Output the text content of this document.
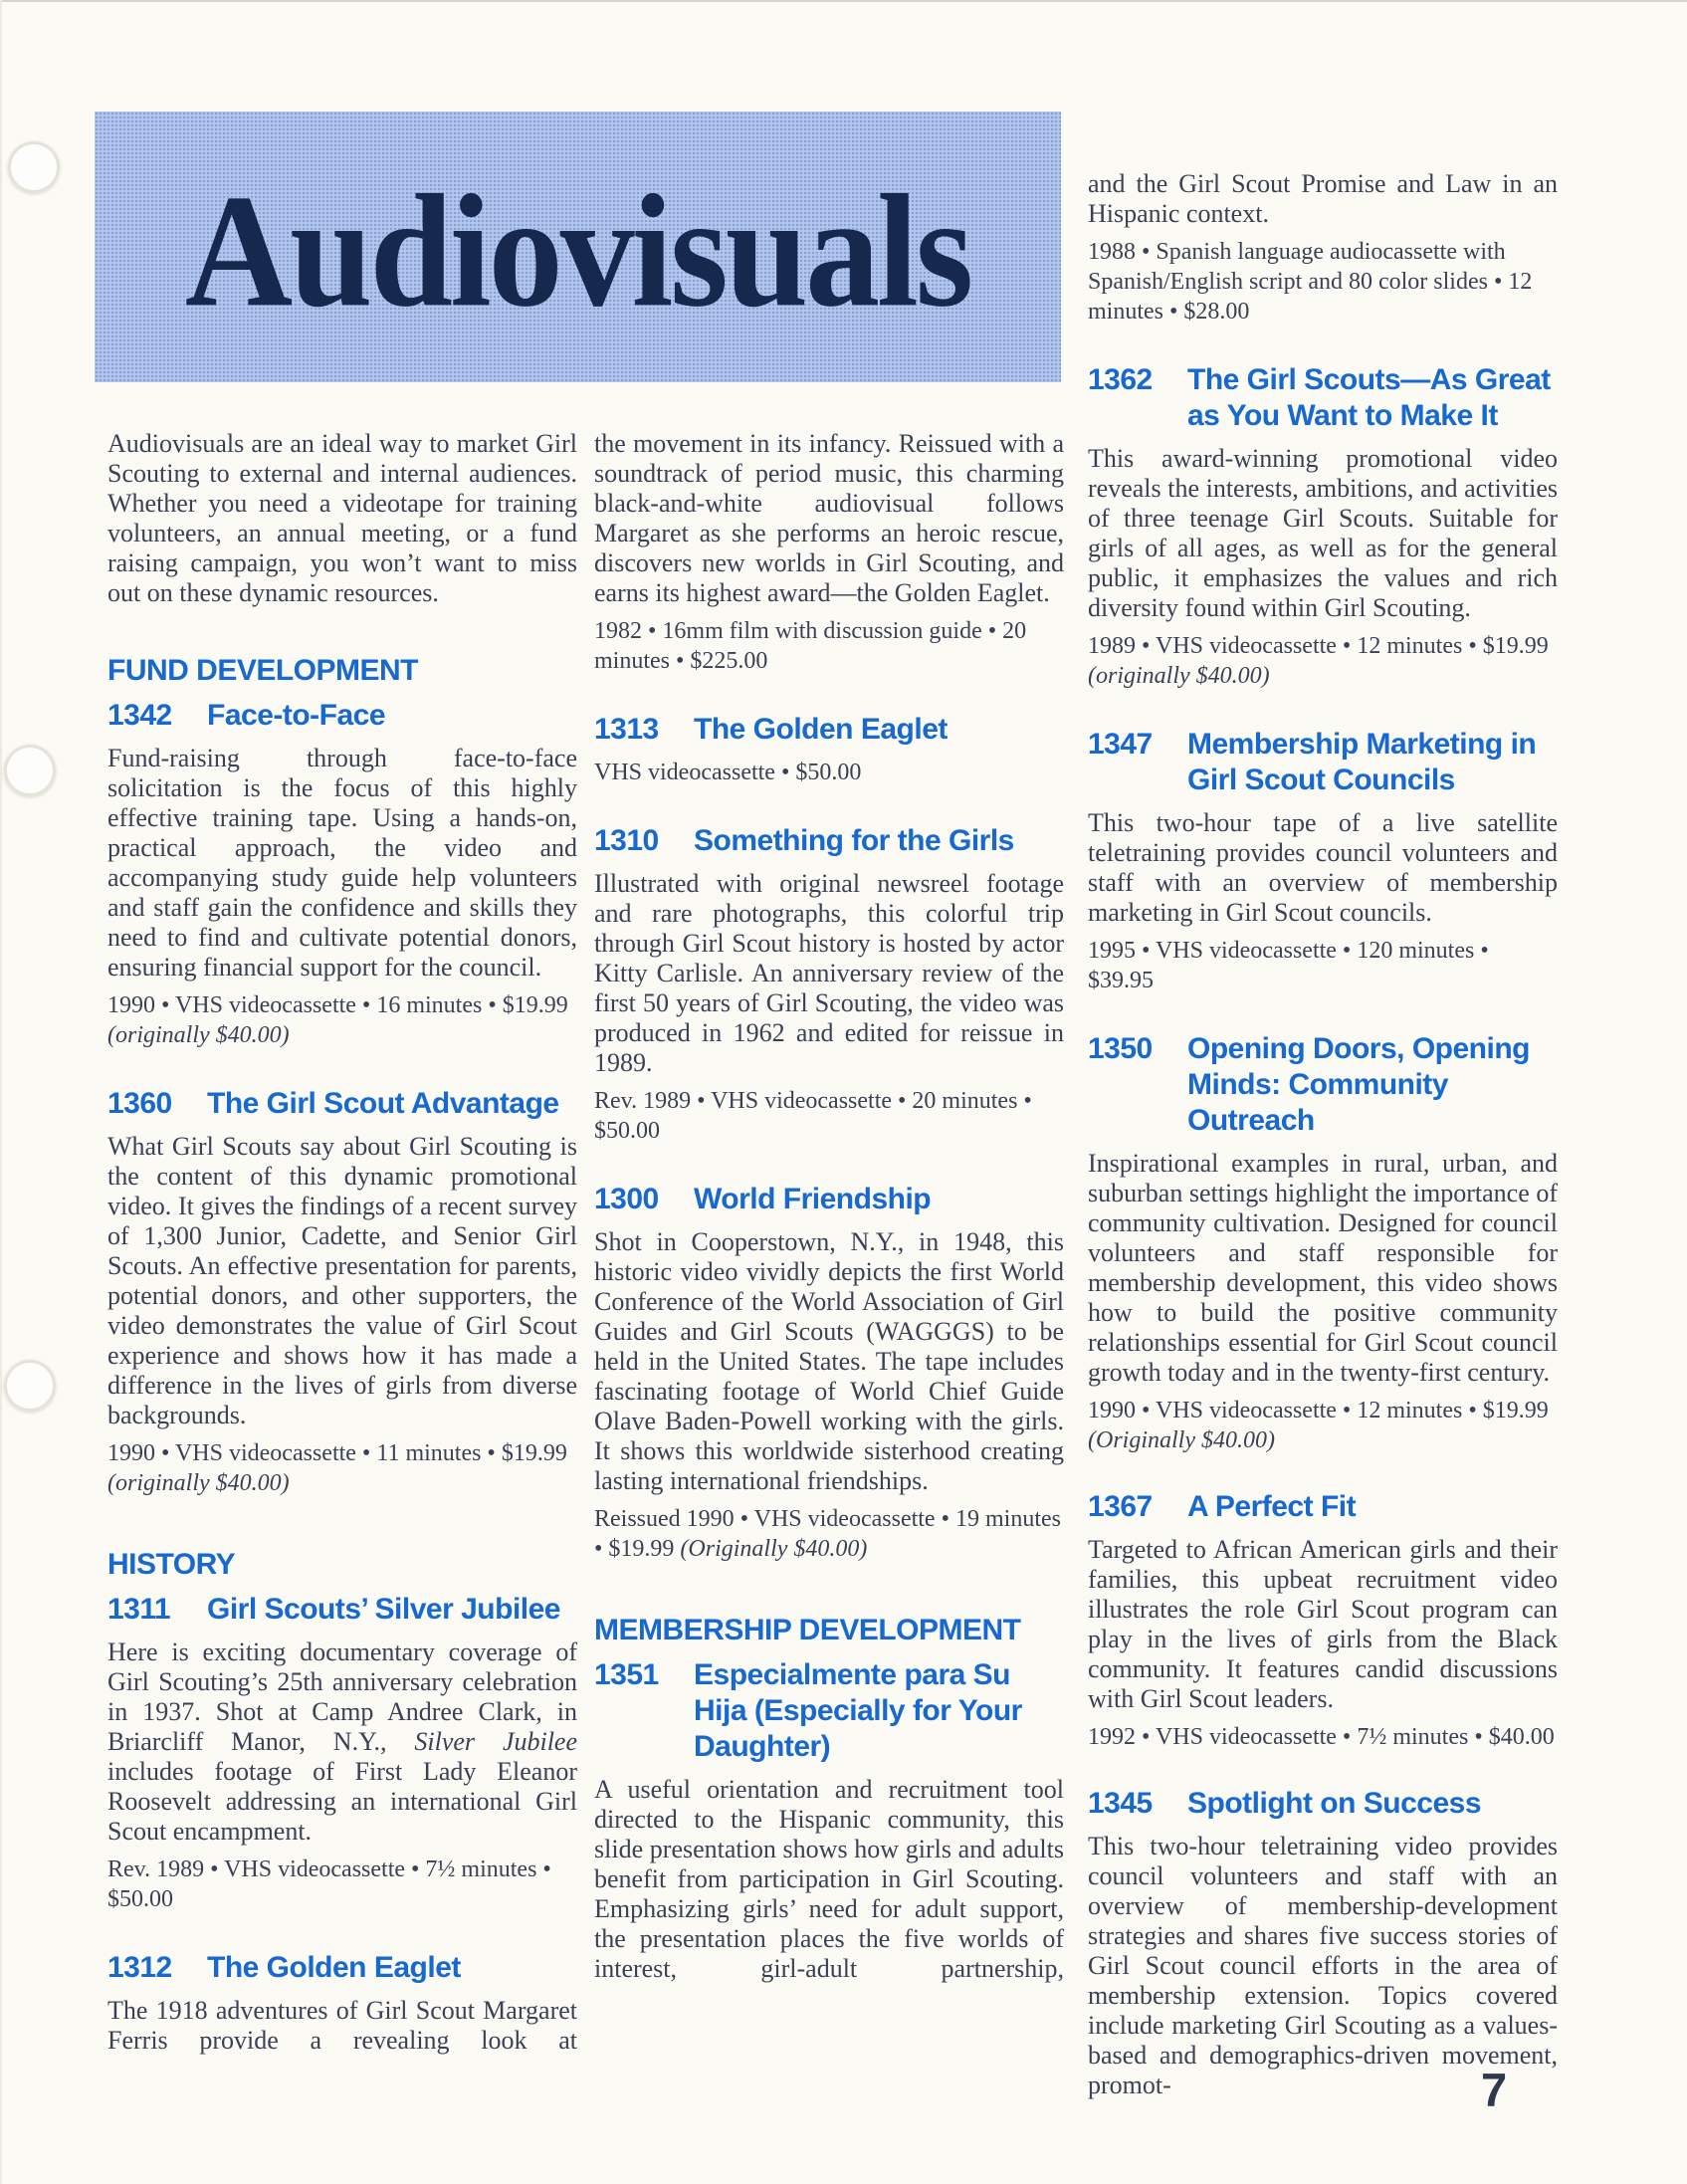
Audiovisuals

Audiovisuals are an ideal way to market Girl Scouting to external and internal audiences. Whether you need a videotape for training volunteers, an annual meeting, or a fund raising campaign, you won’t want to miss out on these dynamic resources.

FUND DEVELOPMENT
1342	Face-to-Face

Fund-raising through face-to-face solicitation is the focus of this highly effective training tape. Using a hands-on, practical approach, the video and accompanying study guide help volunteers and staff gain the confidence and skills they need to find and cultivate potential donors, ensuring financial support for the council.

1990 • VHS videocassette • 16 minutes • $19.99 (originally $40.00)

1360	The Girl Scout Advantage

What Girl Scouts say about Girl Scouting is the content of this dynamic promotional video. It gives the findings of a recent survey of 1,300 Junior, Cadette, and Senior Girl Scouts. An effective presentation for parents, potential donors, and other supporters, the video demonstrates the value of Girl Scout experience and shows how it has made a difference in the lives of girls from diverse backgrounds.

1990 • VHS videocassette • 11 minutes • $19.99 (originally $40.00)

HISTORY
1311	Girl Scouts’ Silver Jubilee

Here is exciting documentary coverage of Girl Scouting’s 25th anniversary celebration in 1937. Shot at Camp Andree Clark, in Briarcliff Manor, N.Y., Silver Jubilee includes footage of First Lady Eleanor Roosevelt addressing an international Girl Scout encampment.

Rev. 1989 • VHS videocassette • 7½ minutes • $50.00

1312	The Golden Eaglet

The 1918 adventures of Girl Scout Margaret Ferris provide a revealing look at

the movement in its infancy. Reissued with a soundtrack of period music, this charming black-and-white audiovisual follows Margaret as she performs an heroic rescue, discovers new worlds in Girl Scouting, and earns its highest award—the Golden Eaglet.

1982 • 16mm film with discussion guide • 20 minutes • $225.00

1313	The Golden Eaglet

VHS videocassette • $50.00

1310	Something for the Girls

Illustrated with original newsreel footage and rare photographs, this colorful trip through Girl Scout history is hosted by actor Kitty Carlisle. An anniversary review of the first 50 years of Girl Scouting, the video was produced in 1962 and edited for reissue in 1989.

Rev. 1989 • VHS videocassette • 20 minutes • $50.00

1300	World Friendship

Shot in Cooperstown, N.Y., in 1948, this historic video vividly depicts the first World Conference of the World Association of Girl Guides and Girl Scouts (WAGGGS) to be held in the United States. The tape includes fascinating footage of World Chief Guide Olave Baden-Powell working with the girls. It shows this worldwide sisterhood creating lasting international friendships.

Reissued 1990 • VHS videocassette • 19 minutes • $19.99 (Originally $40.00)

MEMBERSHIP DEVELOPMENT
1351	Especialmente para Su Hija (Especially for Your Daughter)

A useful orientation and recruitment tool directed to the Hispanic community, this slide presentation shows how girls and adults benefit from participation in Girl Scouting. Emphasizing girls’ need for adult support, the presentation places the five worlds of interest, girl-adult partnership,

and the Girl Scout Promise and Law in an Hispanic context.

1988 • Spanish language audiocassette with Spanish/English script and 80 color slides • 12 minutes • $28.00

1362	The Girl Scouts—As Great as You Want to Make It

This award-winning promotional video reveals the interests, ambitions, and activities of three teenage Girl Scouts. Suitable for girls of all ages, as well as for the general public, it emphasizes the values and rich diversity found within Girl Scouting.

1989 • VHS videocassette • 12 minutes • $19.99 (originally $40.00)

1347	Membership Marketing in Girl Scout Councils

This two-hour tape of a live satellite teletraining provides council volunteers and staff with an overview of membership marketing in Girl Scout councils.

1995 • VHS videocassette • 120 minutes • $39.95

1350	Opening Doors, Opening Minds: Community Outreach

Inspirational examples in rural, urban, and suburban settings highlight the importance of community cultivation. Designed for council volunteers and staff responsible for membership development, this video shows how to build the positive community relationships essential for Girl Scout council growth today and in the twenty-first century.

1990 • VHS videocassette • 12 minutes • $19.99 (Originally $40.00)

1367	A Perfect Fit

Targeted to African American girls and their families, this upbeat recruitment video illustrates the role Girl Scout program can play in the lives of girls from the Black community. It features candid discussions with Girl Scout leaders.

1992 • VHS videocassette • 7½ minutes • $40.00

1345	Spotlight on Success

This two-hour teletraining video provides council volunteers and staff with an overview of membership-development strategies and shares five success stories of Girl Scout council efforts in the area of membership extension. Topics covered include marketing Girl Scouting as a values-based and demographics-driven movement, promot-	7
